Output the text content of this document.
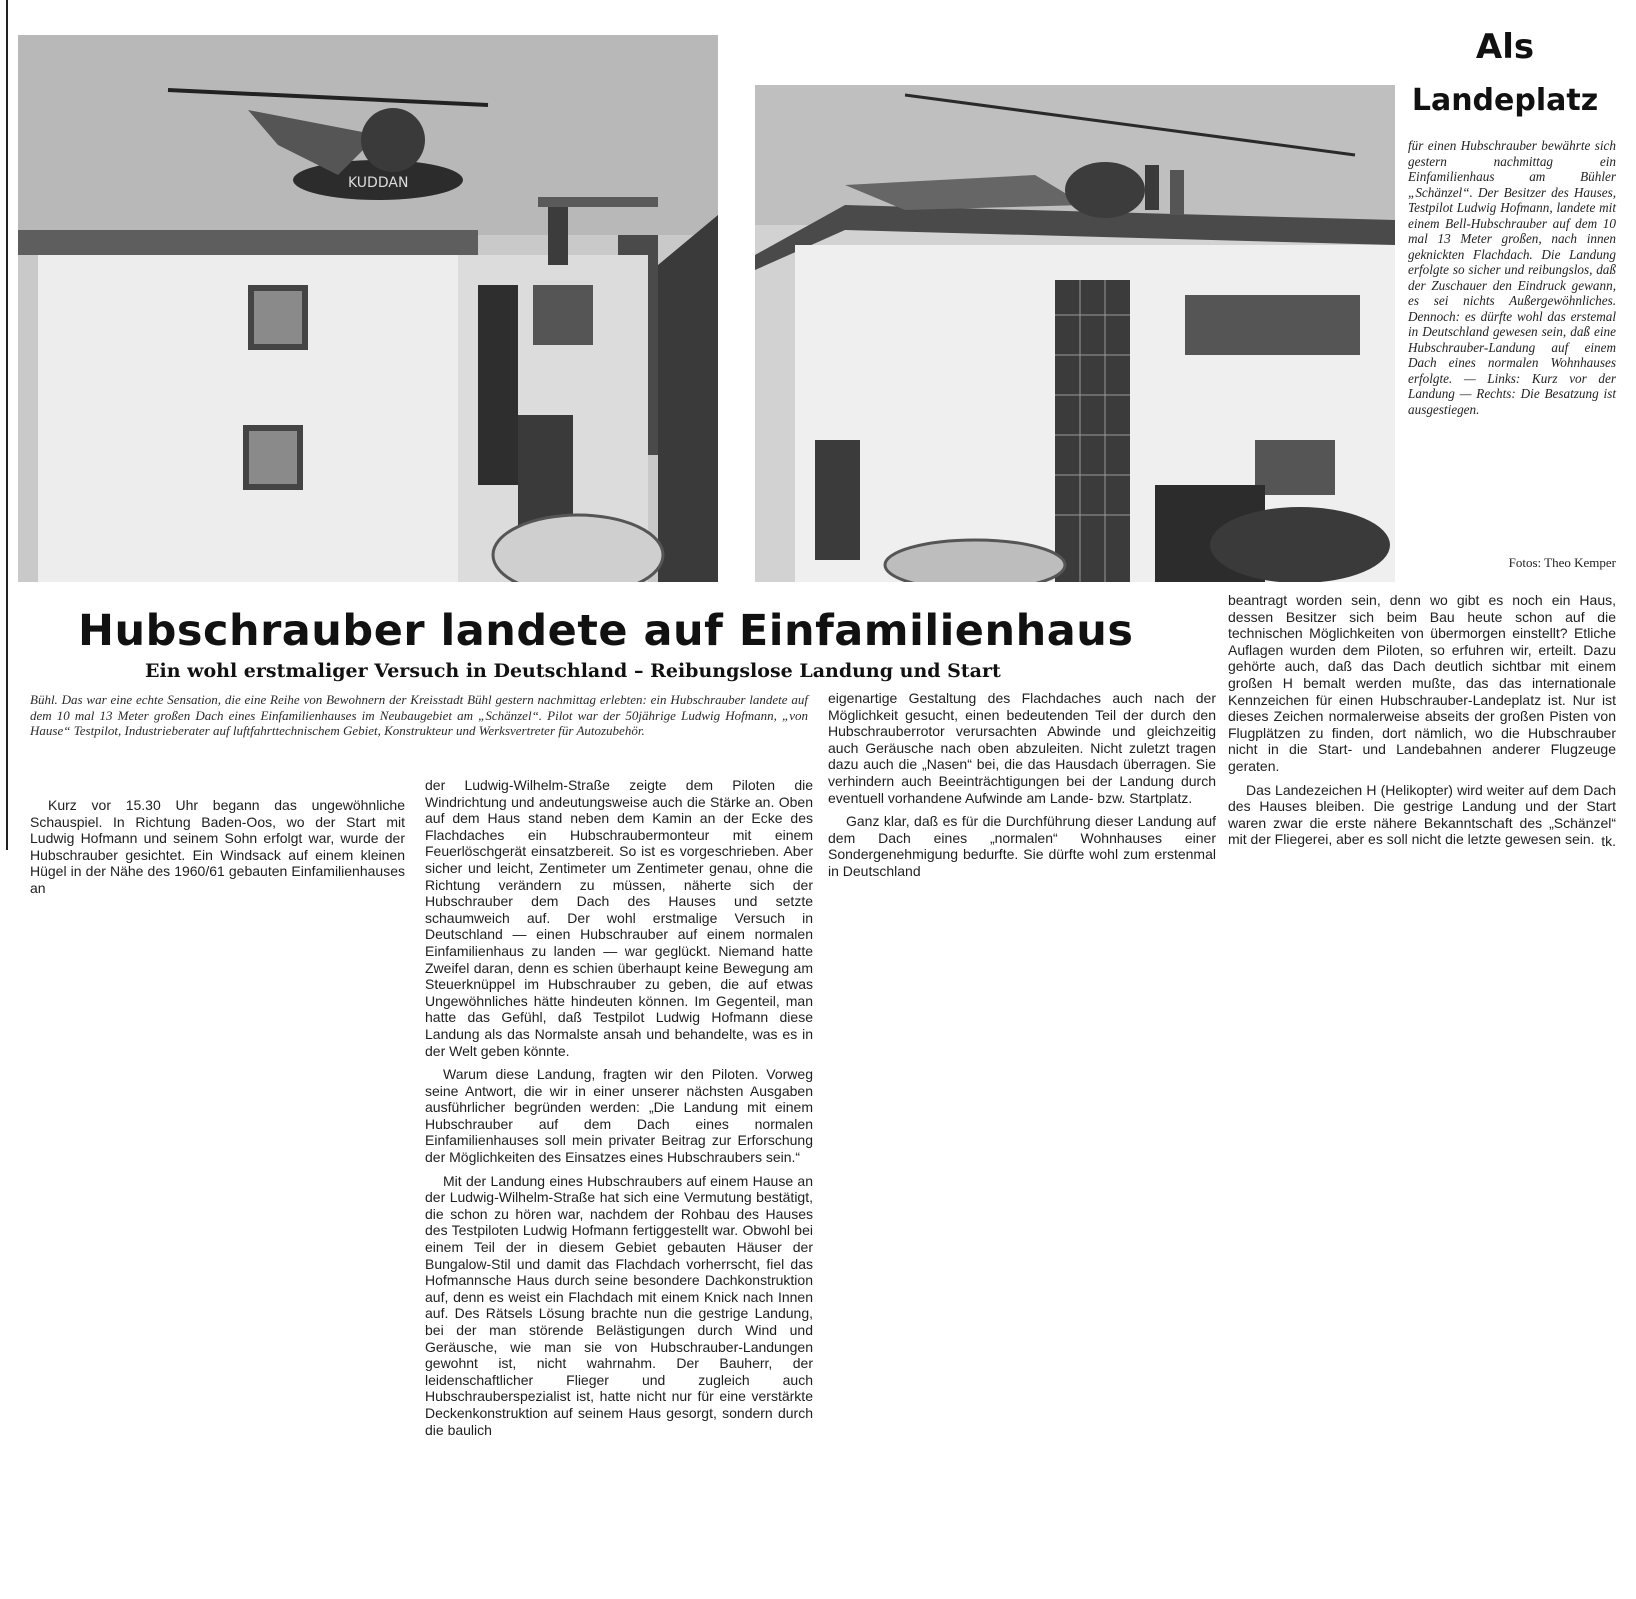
KUDDAN
Als
Landeplatz
für einen Hubschrauber bewährte sich gestern nachmittag ein Einfamilienhaus am Bühler „Schänzel“. Der Besitzer des Hauses, Testpilot Ludwig Hofmann, landete mit einem Bell-Hubschrauber auf dem 10 mal 13 Meter großen, nach innen geknickten Flachdach. Die Landung erfolgte so sicher und reibungslos, daß der Zuschauer den Eindruck gewann, es sei nichts Außergewöhnliches. Dennoch: es dürfte wohl das erstemal in Deutschland gewesen sein, daß eine Hubschrauber-Landung auf einem Dach eines normalen Wohnhauses erfolgte. — Links: Kurz vor der Landung — Rechts: Die Besatzung ist ausgestiegen.
Fotos: Theo Kemper
Hubschrauber landete auf Einfamilienhaus
Ein wohl erstmaliger Versuch in Deutschland – Reibungslose Landung und Start
Bühl. Das war eine echte Sensation, die eine Reihe von Bewohnern der Kreisstadt Bühl gestern nachmittag erlebten: ein Hubschrauber landete auf dem 10 mal 13 Meter großen Dach eines Einfamilienhauses im Neubaugebiet am „Schänzel“. Pilot war der 50jährige Ludwig Hofmann, „von Hause“ Testpilot, Industrieberater auf luftfahrttechnischem Gebiet, Konstrukteur und Werksvertreter für Autozubehör.

Kurz vor 15.30 Uhr begann das ungewöhnliche Schauspiel. In Richtung Baden-Oos, wo der Start mit Ludwig Hofmann und seinem Sohn erfolgt war, wurde der Hubschrauber gesichtet. Ein Windsack auf einem kleinen Hügel in der Nähe des 1960/61 gebauten Einfamilienhauses an

der Ludwig-Wilhelm-Straße zeigte dem Piloten die Windrichtung und andeutungsweise auch die Stärke an. Oben auf dem Haus stand neben dem Kamin an der Ecke des Flachdaches ein Hubschraubermonteur mit einem Feuerlöschgerät einsatzbereit. So ist es vorgeschrieben. Aber sicher und leicht, Zentimeter um Zentimeter genau, ohne die Richtung verändern zu müssen, näherte sich der Hubschrauber dem Dach des Hauses und setzte schaumweich auf. Der wohl erstmalige Versuch in Deutschland — einen Hubschrauber auf einem normalen Einfamilienhaus zu landen — war geglückt. Niemand hatte Zweifel daran, denn es schien überhaupt keine Bewegung am Steuerknüppel im Hubschrauber zu geben, die auf etwas Ungewöhnliches hätte hindeuten können. Im Gegenteil, man hatte das Gefühl, daß Testpilot Ludwig Hofmann diese Landung als das Normalste ansah und behandelte, was es in der Welt geben könnte.

Warum diese Landung, fragten wir den Piloten. Vorweg seine Antwort, die wir in einer unserer nächsten Ausgaben ausführlicher begründen werden: „Die Landung mit einem Hubschrauber auf dem Dach eines normalen Einfamilienhauses soll mein privater Beitrag zur Erforschung der Möglichkeiten des Einsatzes eines Hubschraubers sein.“

Mit der Landung eines Hubschraubers auf einem Hause an der Ludwig-Wilhelm-Straße hat sich eine Vermutung bestätigt, die schon zu hören war, nachdem der Rohbau des Hauses des Testpiloten Ludwig Hofmann fertiggestellt war. Obwohl bei einem Teil der in diesem Gebiet gebauten Häuser der Bungalow-Stil und damit das Flachdach vorherrscht, fiel das Hofmannsche Haus durch seine besondere Dachkonstruktion auf, denn es weist ein Flachdach mit einem Knick nach Innen auf. Des Rätsels Lösung brachte nun die gestrige Landung, bei der man störende Belästigungen durch Wind und Geräusche, wie man sie von Hubschrauber-Landungen gewohnt ist, nicht wahrnahm. Der Bauherr, der leidenschaftlicher Flieger und zugleich auch Hubschrauberspezialist ist, hatte nicht nur für eine verstärkte Deckenkonstruktion auf seinem Haus gesorgt, sondern durch die baulich

eigenartige Gestaltung des Flachdaches auch nach der Möglichkeit gesucht, einen bedeutenden Teil der durch den Hubschrauberrotor verursachten Abwinde und gleichzeitig auch Geräusche nach oben abzuleiten. Nicht zuletzt tragen dazu auch die „Nasen“ bei, die das Hausdach überragen. Sie verhindern auch Beeinträchtigungen bei der Landung durch eventuell vorhandene Aufwinde am Lande- bzw. Startplatz.

Ganz klar, daß es für die Durchführung dieser Landung auf dem Dach eines „normalen“ Wohnhauses einer Sondergenehmigung bedurfte. Sie dürfte wohl zum erstenmal in Deutschland

beantragt worden sein, denn wo gibt es noch ein Haus, dessen Besitzer sich beim Bau heute schon auf die technischen Möglichkeiten von übermorgen einstellt? Etliche Auflagen wurden dem Piloten, so erfuhren wir, erteilt. Dazu gehörte auch, daß das Dach deutlich sichtbar mit einem großen H bemalt werden mußte, das das internationale Kennzeichen für einen Hubschrauber-Landeplatz ist. Nur ist dieses Zeichen normalerweise abseits der großen Pisten von Flugplätzen zu finden, dort nämlich, wo die Hubschrauber nicht in die Start- und Landebahnen anderer Flugzeuge geraten.

Das Landezeichen H (Helikopter) wird weiter auf dem Dach des Hauses bleiben. Die gestrige Landung und der Start waren zwar die erste nähere Bekanntschaft des „Schänzel“ mit der Fliegerei, aber es soll nicht die letzte gewesen sein. tk.
